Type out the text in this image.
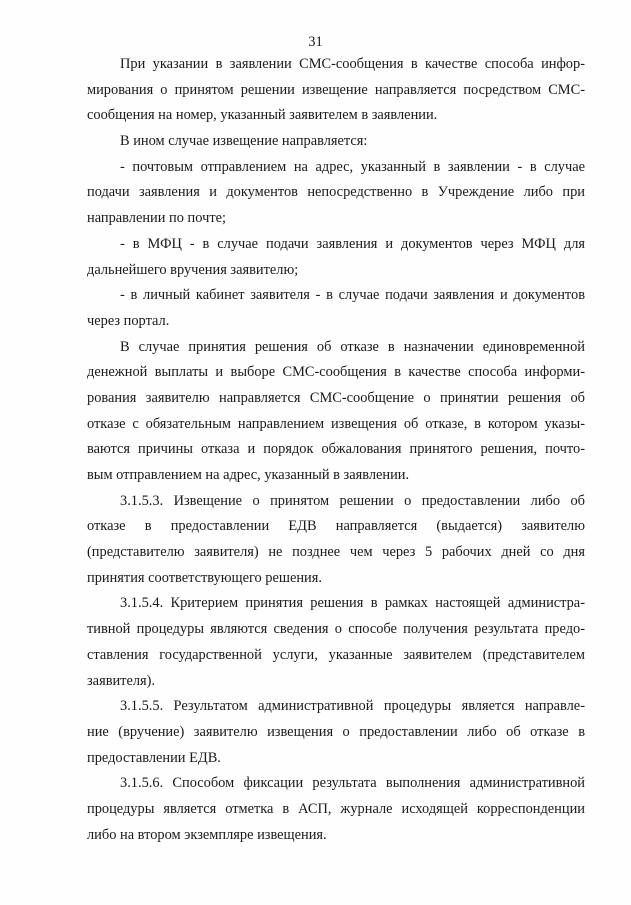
31
При указании в заявлении СМС-сообщения в качестве способа инфор-
мирования о принятом решении извещение направляется посредством СМС-
сообщения на номер, указанный заявителем в заявлении.
В ином случае извещение направляется:
- почтовым отправлением на адрес, указанный в заявлении - в случае
подачи заявления и документов непосредственно в Учреждение либо при
направлении по почте;
- в МФЦ - в случае подачи заявления и документов через МФЦ для
дальнейшего вручения заявителю;
- в личный кабинет заявителя - в случае подачи заявления и документов
через портал.
В случае принятия решения об отказе в назначении единовременной
денежной выплаты и выборе СМС-сообщения в качестве способа информи-
рования заявителю направляется СМС-сообщение о принятии решения об
отказе с обязательным направлением извещения об отказе, в котором указы-
ваются причины отказа и порядок обжалования принятого решения, почто-
вым отправлением на адрес, указанный в заявлении.
3.1.5.3. Извещение о принятом решении о предоставлении либо об
отказе в предоставлении ЕДВ направляется (выдается) заявителю
(представителю заявителя) не позднее чем через 5 рабочих дней со дня
принятия соответствующего решения.
3.1.5.4. Критерием принятия решения в рамках настоящей администра-
тивной процедуры являются сведения о способе получения результата предо-
ставления государственной услуги, указанные заявителем (представителем
заявителя).
3.1.5.5. Результатом административной процедуры является направле-
ние (вручение) заявителю извещения о предоставлении либо об отказе в
предоставлении ЕДВ.
3.1.5.6. Способом фиксации результата выполнения административной
процедуры является отметка в АСП, журнале исходящей корреспонденции
либо на втором экземпляре извещения.
